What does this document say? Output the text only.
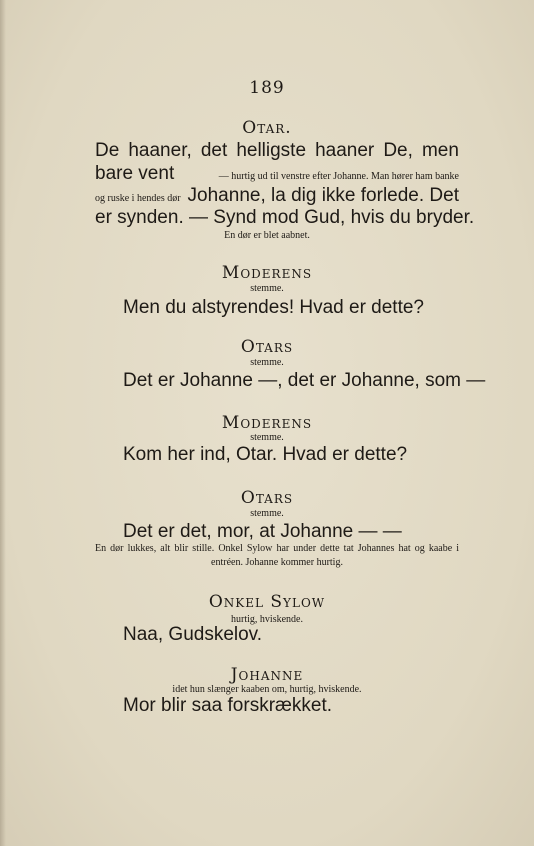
189
Otar.
De haaner, det helligste haaner De, men
bare vent	— hurtig ud til venstre efter Johanne. Man hører ham banke
og ruske i hendes dør Johanne, la dig ikke forlede. Det
er synden. — Synd mod Gud, hvis du bryder.
En dør er blet aabnet.
Moderens
stemme.
Men du alstyrendes! Hvad er dette?
Otars
stemme.
Det er Johanne —, det er Johanne, som —
Moderens
stemme.
Kom her ind, Otar. Hvad er dette?
Otars
stemme.
Det er det, mor, at Johanne — —
En dør lukkes, alt blir stille. Onkel Sylow har under dette tat Johannes hat og kaabe i entréen. Johanne kommer hurtig.
Onkel Sylow
hurtig, hviskende.
Naa, Gudskelov.
Johanne
idet hun slænger kaaben om, hurtig, hviskende.
Mor blir saa forskrækket.
